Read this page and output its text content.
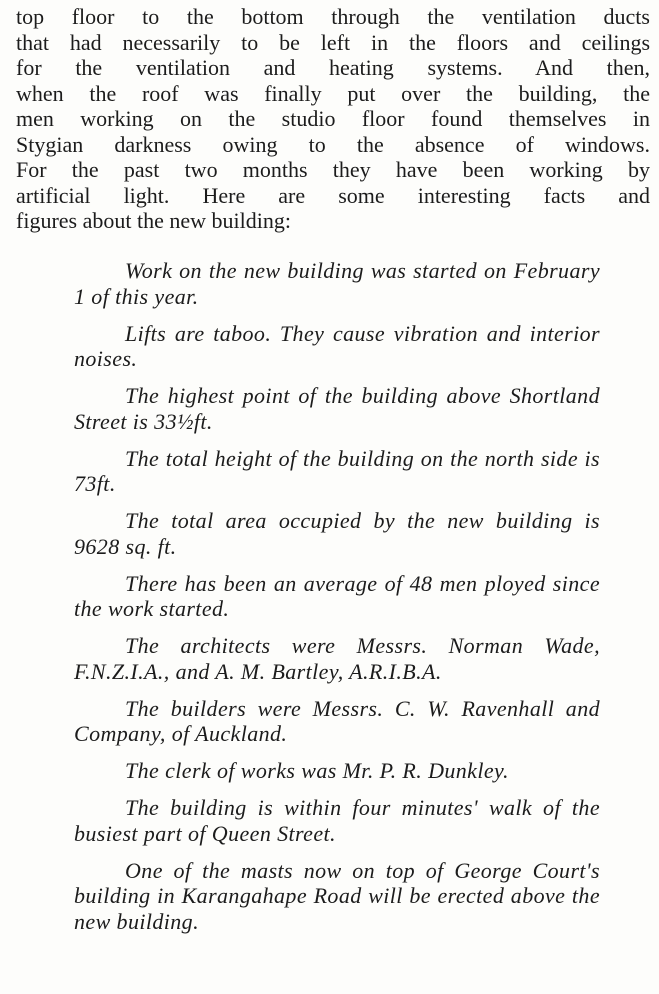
top floor to the bottom through the ventilation ducts
that had necessarily to be left in the floors and ceilings
for the ventilation and heating systems. And then,
when the roof was finally put over the building, the
men working on the studio floor found themselves in
Stygian darkness owing to the absence of windows.
For the past two months they have been working by
artificial light. Here are some interesting facts and
figures about the new building:

Work on the new building was started on February 1 of this year.
Lifts are taboo. They cause vibration and interior noises.
The highest point of the building above Shortland Street is 33½ft.
The total height of the building on the north side is 73ft.
The total area occupied by the new building is 9628 sq. ft.
There has been an average of 48 men ployed since the work started.
The architects were Messrs. Norman Wade, F.N.Z.I.A., and A. M. Bartley, A.R.I.B.A.
The builders were Messrs. C. W. Ravenhall and Company, of Auckland.
The clerk of works was Mr. P. R. Dunkley.
The building is within four minutes' walk of the busiest part of Queen Street.
One of the masts now on top of George Court's building in Karangahape Road will be erected above the new building.
